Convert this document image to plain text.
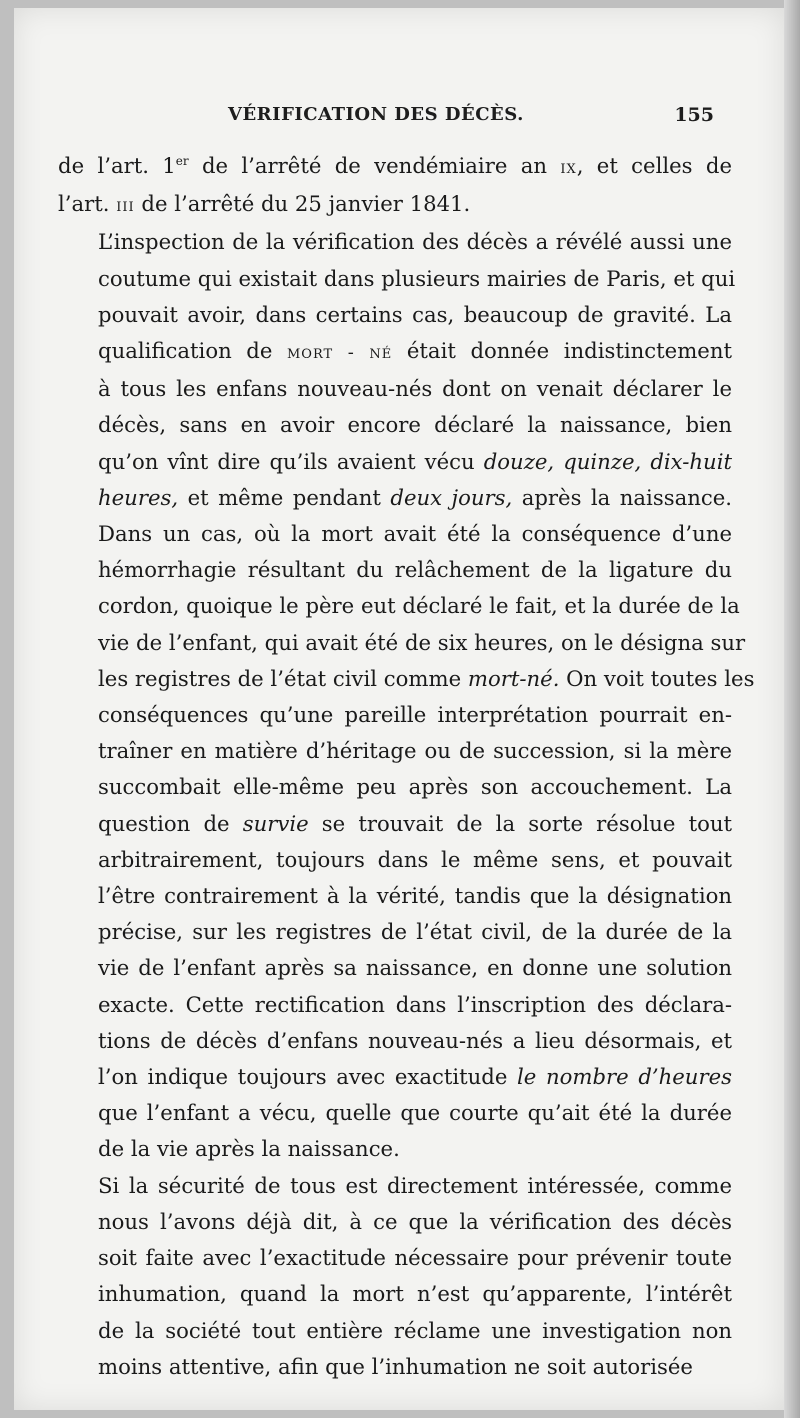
VÉRIFICATION DES DÉCÈS.	155
de l’art. 1er de l’arrêté de vendémiaire an ix, et celles de
l’art. iii de l’arrêté du 25 janvier 1841.
L’inspection de la vérification des décès a révélé aussi une
coutume qui existait dans plusieurs mairies de Paris, et qui
pouvait avoir, dans certains cas, beaucoup de gravité. La
qualification de mort - né était donnée indistinctement
à tous les enfans nouveau-nés dont on venait déclarer le
décès, sans en avoir encore déclaré la naissance, bien
qu’on vînt dire qu’ils avaient vécu douze, quinze, dix-huit
heures, et même pendant deux jours, après la naissance.
Dans un cas, où la mort avait été la conséquence d’une
hémorrhagie résultant du relâchement de la ligature du
cordon, quoique le père eut déclaré le fait, et la durée de la
vie de l’enfant, qui avait été de six heures, on le désigna sur
les registres de l’état civil comme mort-né. On voit toutes les
conséquences qu’une pareille interprétation pourrait en-
traîner en matière d’héritage ou de succession, si la mère
succombait elle-même peu après son accouchement. La
question de survie se trouvait de la sorte résolue tout
arbitrairement, toujours dans le même sens, et pouvait
l’être contrairement à la vérité, tandis que la désignation
précise, sur les registres de l’état civil, de la durée de la
vie de l’enfant après sa naissance, en donne une solution
exacte. Cette rectification dans l’inscription des déclara-
tions de décès d’enfans nouveau-nés a lieu désormais, et
l’on indique toujours avec exactitude le nombre d’heures
que l’enfant a vécu, quelle que courte qu’ait été la durée
de la vie après la naissance.
Si la sécurité de tous est directement intéressée, comme
nous l’avons déjà dit, à ce que la vérification des décès
soit faite avec l’exactitude nécessaire pour prévenir toute
inhumation, quand la mort n’est qu’apparente, l’intérêt
de la société tout entière réclame une investigation non
moins attentive, afin que l’inhumation ne soit autorisée
